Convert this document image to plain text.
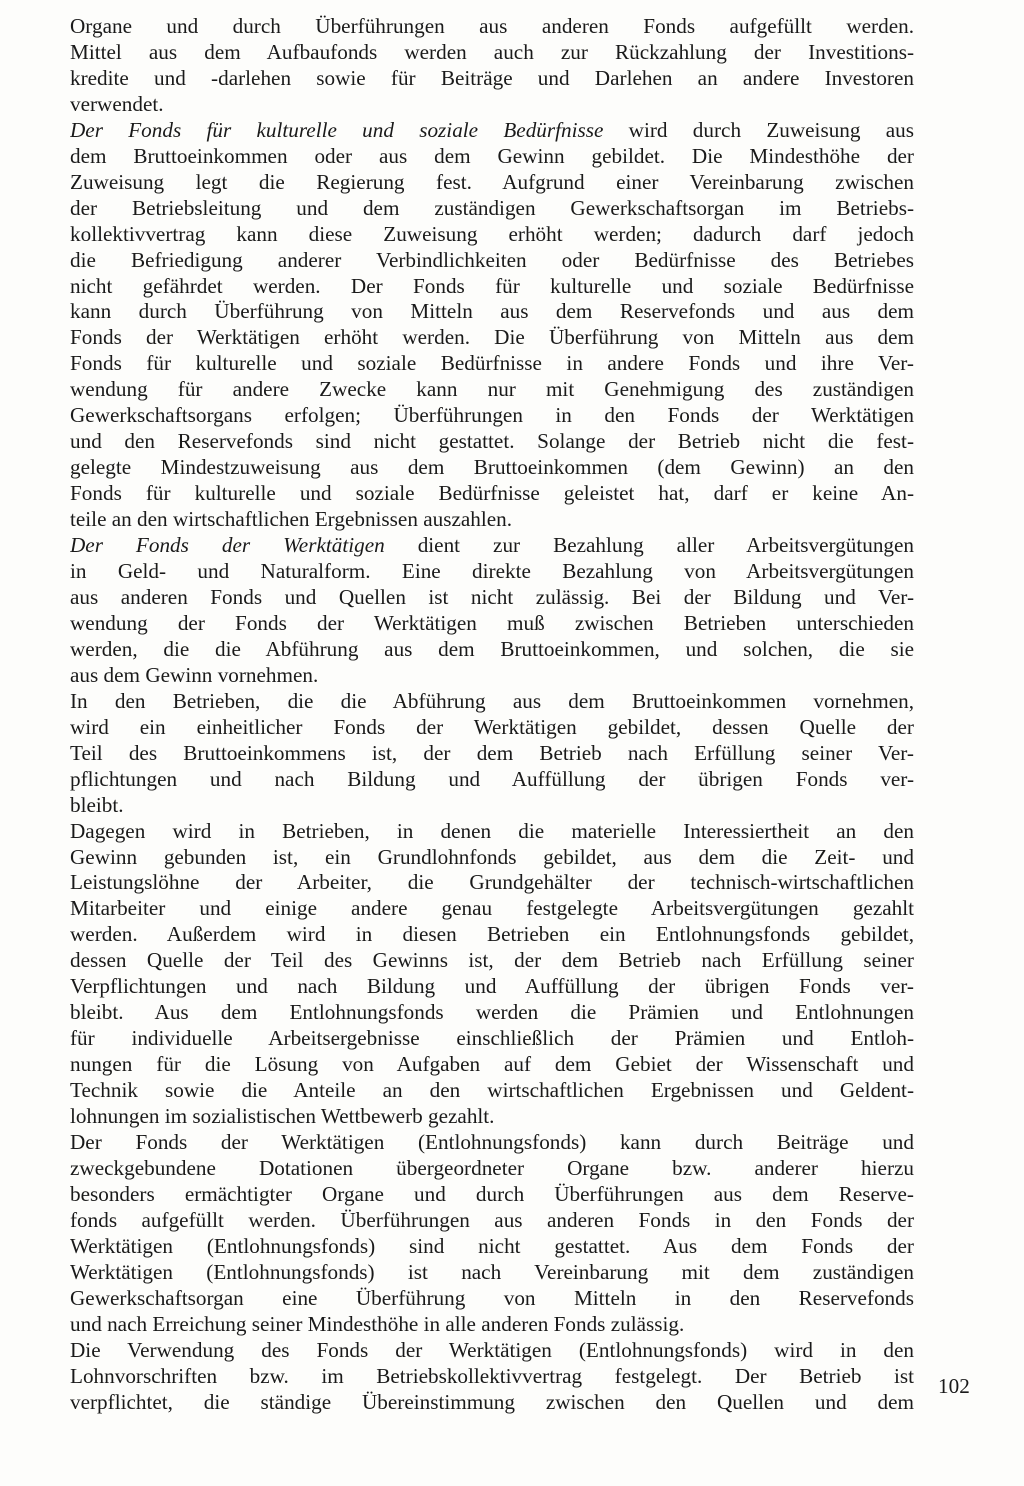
Organe und durch Überführungen aus anderen Fonds aufgefüllt werden.
Mittel aus dem Aufbaufonds werden auch zur Rückzahlung der Investitions-
kredite und -darlehen sowie für Beiträge und Darlehen an andere Investoren
verwendet.
Der Fonds für kulturelle und soziale Bedürfnisse wird durch Zuweisung aus
dem Bruttoeinkommen oder aus dem Gewinn gebildet. Die Mindesthöhe der
Zuweisung legt die Regierung fest. Aufgrund einer Vereinbarung zwischen
der Betriebsleitung und dem zuständigen Gewerkschaftsorgan im Betriebs-
kollektivvertrag kann diese Zuweisung erhöht werden; dadurch darf jedoch
die Befriedigung anderer Verbindlichkeiten oder Bedürfnisse des Betriebes
nicht gefährdet werden. Der Fonds für kulturelle und soziale Bedürfnisse
kann durch Überführung von Mitteln aus dem Reservefonds und aus dem
Fonds der Werktätigen erhöht werden. Die Überführung von Mitteln aus dem
Fonds für kulturelle und soziale Bedürfnisse in andere Fonds und ihre Ver-
wendung für andere Zwecke kann nur mit Genehmigung des zuständigen
Gewerkschaftsorgans erfolgen; Überführungen in den Fonds der Werktätigen
und den Reservefonds sind nicht gestattet. Solange der Betrieb nicht die fest-
gelegte Mindestzuweisung aus dem Bruttoeinkommen (dem Gewinn) an den
Fonds für kulturelle und soziale Bedürfnisse geleistet hat, darf er keine An-
teile an den wirtschaftlichen Ergebnissen auszahlen.
Der Fonds der Werktätigen dient zur Bezahlung aller Arbeitsvergütungen
in Geld- und Naturalform. Eine direkte Bezahlung von Arbeitsvergütungen
aus anderen Fonds und Quellen ist nicht zulässig. Bei der Bildung und Ver-
wendung der Fonds der Werktätigen muß zwischen Betrieben unterschieden
werden, die die Abführung aus dem Bruttoeinkommen, und solchen, die sie
aus dem Gewinn vornehmen.
In den Betrieben, die die Abführung aus dem Bruttoeinkommen vornehmen,
wird ein einheitlicher Fonds der Werktätigen gebildet, dessen Quelle der
Teil des Bruttoeinkommens ist, der dem Betrieb nach Erfüllung seiner Ver-
pflichtungen und nach Bildung und Auffüllung der übrigen Fonds ver-
bleibt.
Dagegen wird in Betrieben, in denen die materielle Interessiertheit an den
Gewinn gebunden ist, ein Grundlohnfonds gebildet, aus dem die Zeit- und
Leistungslöhne der Arbeiter, die Grundgehälter der technisch-wirtschaftlichen
Mitarbeiter und einige andere genau festgelegte Arbeitsvergütungen gezahlt
werden. Außerdem wird in diesen Betrieben ein Entlohnungsfonds gebildet,
dessen Quelle der Teil des Gewinns ist, der dem Betrieb nach Erfüllung seiner
Verpflichtungen und nach Bildung und Auffüllung der übrigen Fonds ver-
bleibt. Aus dem Entlohnungsfonds werden die Prämien und Entlohnungen
für individuelle Arbeitsergebnisse einschließlich der Prämien und Entloh-
nungen für die Lösung von Aufgaben auf dem Gebiet der Wissenschaft und
Technik sowie die Anteile an den wirtschaftlichen Ergebnissen und Geldent-
lohnungen im sozialistischen Wettbewerb gezahlt.
Der Fonds der Werktätigen (Entlohnungsfonds) kann durch Beiträge und
zweckgebundene Dotationen übergeordneter Organe bzw. anderer hierzu
besonders ermächtigter Organe und durch Überführungen aus dem Reserve-
fonds aufgefüllt werden. Überführungen aus anderen Fonds in den Fonds der
Werktätigen (Entlohnungsfonds) sind nicht gestattet. Aus dem Fonds der
Werktätigen (Entlohnungsfonds) ist nach Vereinbarung mit dem zuständigen
Gewerkschaftsorgan eine Überführung von Mitteln in den Reservefonds
und nach Erreichung seiner Mindesthöhe in alle anderen Fonds zulässig.
Die Verwendung des Fonds der Werktätigen (Entlohnungsfonds) wird in den
Lohnvorschriften bzw. im Betriebskollektivvertrag festgelegt. Der Betrieb ist
verpflichtet, die ständige Übereinstimmung zwischen den Quellen und dem
102
